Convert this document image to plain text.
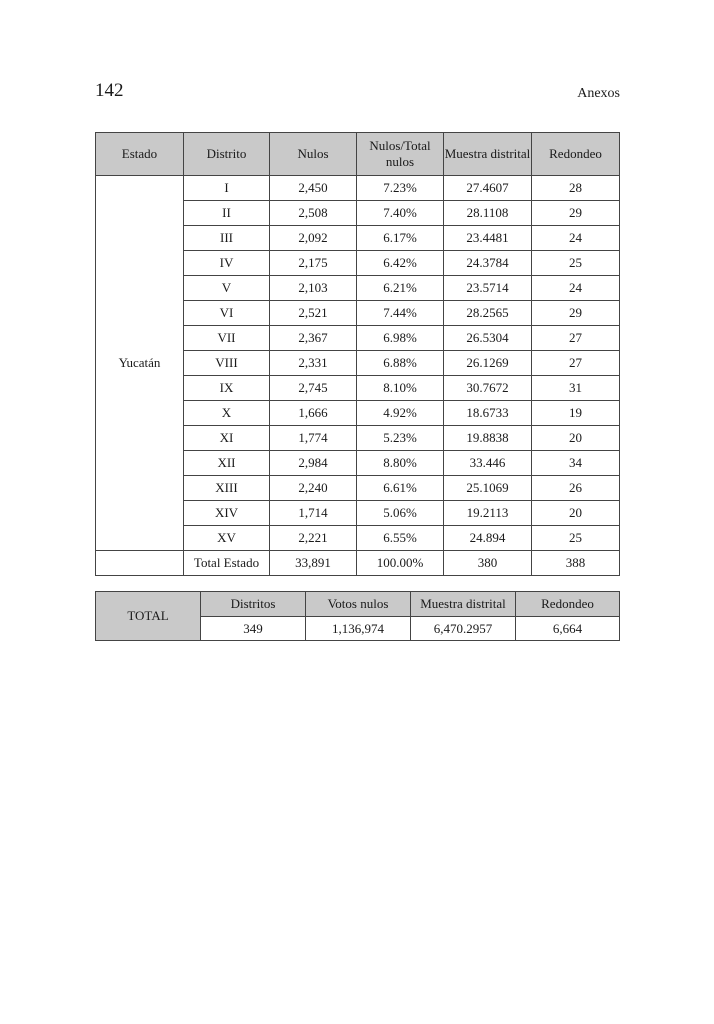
142	Anexos
Estado	Distrito	Nulos	Nulos/Total nulos	Muestra distrital	Redondeo
Yucatán	I	2,450	7.23%	27.4607	28
	II	2,508	7.40%	28.1108	29
	III	2,092	6.17%	23.4481	24
	IV	2,175	6.42%	24.3784	25
	V	2,103	6.21%	23.5714	24
	VI	2,521	7.44%	28.2565	29
	VII	2,367	6.98%	26.5304	27
	VIII	2,331	6.88%	26.1269	27
	IX	2,745	8.10%	30.7672	31
	X	1,666	4.92%	18.6733	19
	XI	1,774	5.23%	19.8838	20
	XII	2,984	8.80%	33.446	34
	XIII	2,240	6.61%	25.1069	26
	XIV	1,714	5.06%	19.2113	20
	XV	2,221	6.55%	24.894	25
	Total Estado	33,891	100.00%	380	388
TOTAL	Distritos	Votos nulos	Muestra distrital	Redondeo
	349	1,136,974	6,470.2957	6,664
